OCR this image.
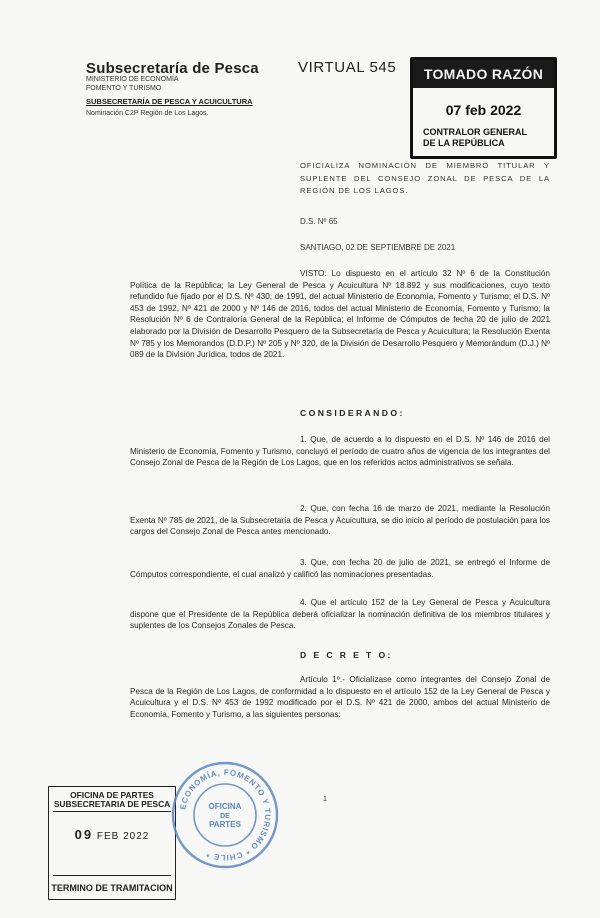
Subsecretaría de Pesca
MINISTERIO DE ECONOMÍA
FOMENTO Y TURISMO
SUBSECRETARÍA DE PESCA Y ACUICULTURA
Nominación C2P Región de Los Lagos.
VIRTUAL 545	TOMADO RAZÓN
07 feb 2022
CONTRALOR GENERAL
DE LA REPÚBLICA
OFICIALIZA NOMINACIÓN DE MIEMBRO TITULAR Y SUPLENTE DEL CONSEJO ZONAL DE PESCA DE LA REGIÓN DE LOS LAGOS.
D.S. Nº 65
SANTIAGO, 02 DE SEPTIEMBRE DE 2021
VISTO: Lo dispuesto en el artículo 32 Nº 6 de la Constitución Política de la República; la Ley General de Pesca y Acuicultura Nº 18.892 y sus modificaciones, cuyo texto refundido fue fijado por el D.S. Nº 430, de 1991, del actual Ministerio de Economía, Fomento y Turismo; el D.S. Nº 453 de 1992, Nº 421 de 2000 y Nº 146 de 2016, todos del actual Ministerio de Economía, Fomento y Turismo; la Resolución Nº 6 de Contraloría General de la República; el Informe de Cómputos de fecha 20 de julio de 2021 elaborado por la División de Desarrollo Pesquero de la Subsecretaría de Pesca y Acuicultura; la Resolución Exenta Nº 785 y los Memorandos (D.D.P.) Nº 205 y Nº 320, de la División de Desarrollo Pesquero y Memorándum (D.J.) Nº 089 de la División Jurídica, todos de 2021.
CONSIDERANDO:
1. Que, de acuerdo a lo dispuesto en el D.S. Nº 146 de 2016 del Ministerio de Economía, Fomento y Turismo, concluyó el período de cuatro años de vigencia de los integrantes del Consejo Zonal de Pesca de la Región de Los Lagos, que en los referidos actos administrativos se señala.
2. Que, con fecha 16 de marzo de 2021, mediante la Resolución Exenta Nº 785 de 2021, de la Subsecretaría de Pesca y Acuicultura, se dio inicio al período de postulación para los cargos del Consejo Zonal de Pesca antes mencionado.
3. Que, con fecha 20 de julio de 2021, se entregó el Informe de Cómputos correspondiente, el cual analizó y calificó las nominaciones presentadas.
4. Que el artículo 152 de la Ley General de Pesca y Acuicultura dispone que el Presidente de la República deberá oficializar la nominación definitiva de los miembros titulares y suplentes de los Consejos Zonales de Pesca.
D E C R E T O:
Artículo 1º.- Oficialízase como integrantes del Consejo Zonal de Pesca de la Región de Los Lagos, de conformidad a lo dispuesto en el artículo 152 de la Ley General de Pesca y Acuicultura y el D.S. Nº 453 de 1992 modificado por el D.S. Nº 421 de 2000, ambos del actual Ministerio de Economía, Fomento y Turismo, a las siguientes personas:
1
OFICINA DE PARTES
SUBSECRETARIA DE PESCA
09 FEB 2022
TERMINO DE TRAMITACION
ECONOMÍA, FOMENTO Y TURISMO * CHILE *
OFICINA
DE
PARTES
